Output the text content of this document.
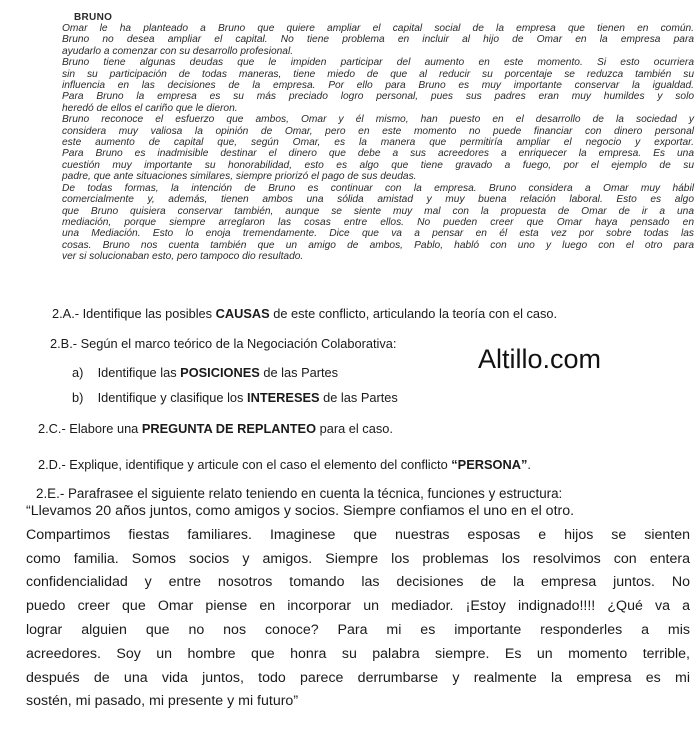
BRUNO
Omar le ha planteado a Bruno que quiere ampliar el capital social de la empresa que tienen en común.
Bruno no desea ampliar el capital. No tiene problema en incluir al hijo de Omar en la empresa para
ayudarlo a comenzar con su desarrollo profesional.
Bruno tiene algunas deudas que le impiden participar del aumento en este momento. Si esto ocurriera
sin su participación de todas maneras, tiene miedo de que al reducir su porcentaje se reduzca también su
influencia en las decisiones de la empresa. Por ello para Bruno es muy importante conservar la igualdad.
Para Bruno la empresa es su más preciado logro personal, pues sus padres eran muy humildes y solo
heredó de ellos el cariño que le dieron.
Bruno reconoce el esfuerzo que ambos, Omar y él mismo, han puesto en el desarrollo de la sociedad y
considera muy valiosa la opinión de Omar, pero en este momento no puede financiar con dinero personal
este aumento de capital que, según Omar, es la manera que permitiría ampliar el negocio y exportar.
Para Bruno es inadmisible destinar el dinero que debe a sus acreedores a enriquecer la empresa. Es una
cuestión muy importante su honorabilidad, esto es algo que tiene gravado a fuego, por el ejemplo de su
padre, que ante situaciones similares, siempre priorizó el pago de sus deudas.
De todas formas, la intención de Bruno es continuar con la empresa. Bruno considera a Omar muy hábil
comercialmente y, además, tienen ambos una sólida amistad y muy buena relación laboral. Esto es algo
que Bruno quisiera conservar también, aunque se siente muy mal con la propuesta de Omar de ir a una
mediación, porque siempre arreglaron las cosas entre ellos. No pueden creer que Omar haya pensado en
una Mediación. Esto lo enoja tremendamente. Dice que va a pensar en él esta vez por sobre todas las
cosas. Bruno nos cuenta también que un amigo de ambos, Pablo, habló con uno y luego con el otro para
ver si solucionaban esto, pero tampoco dio resultado.
2.A.- Identifique las posibles CAUSAS de este conflicto, articulando la teoría con el caso.
2.B.- Según el marco teórico de la Negociación Colaborativa:
a) Identifique las POSICIONES de las Partes
b) Identifique y clasifique los INTERESES de las Partes
2.C.- Elabore una PREGUNTA DE REPLANTEO para el caso.
2.D.- Explique, identifique y articule con el caso el elemento del conflicto “PERSONA”.
2.E.- Parafrasee el siguiente relato teniendo en cuenta la técnica, funciones y estructura:
Altillo.com
“Llevamos 20 años juntos, como amigos y socios. Siempre confiamos el uno en el otro.
Compartimos fiestas familiares. Imaginese que nuestras esposas e hijos se sienten
como familia. Somos socios y amigos. Siempre los problemas los resolvimos con entera
confidencialidad y entre nosotros tomando las decisiones de la empresa juntos. No
puedo creer que Omar piense en incorporar un mediador. ¡Estoy indignado!!!! ¿Qué va a
lograr alguien que no nos conoce? Para mi es importante responderles a mis
acreedores. Soy un hombre que honra su palabra siempre. Es un momento terrible,
después de una vida juntos, todo parece derrumbarse y realmente la empresa es mi
sostén, mi pasado, mi presente y mi futuro”
